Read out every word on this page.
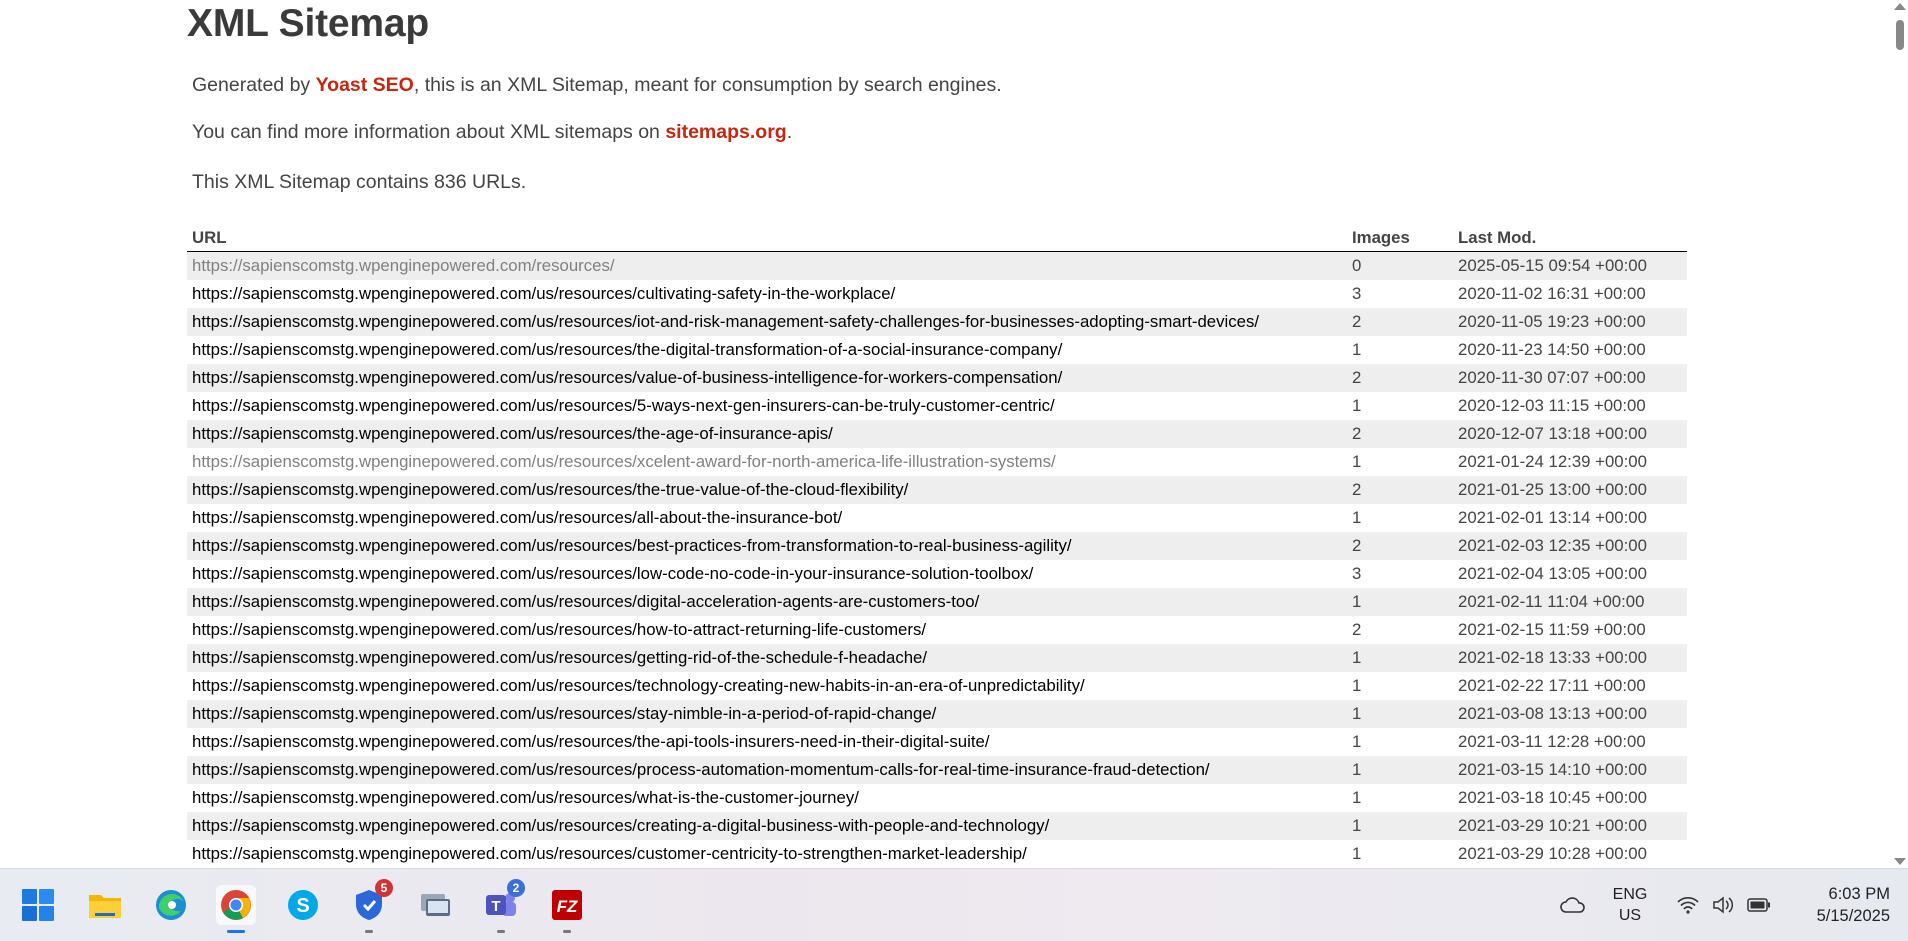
XML Sitemap

Generated by Yoast SEO, this is an XML Sitemap, meant for consumption by search engines.

You can find more information about XML sitemaps on sitemaps.org.

This XML Sitemap contains 836 URLs.

URL	Images	Last Mod.
https://sapienscomstg.wpenginepowered.com/resources/	0	2025-05-15 09:54 +00:00
https://sapienscomstg.wpenginepowered.com/us/resources/cultivating-safety-in-the-workplace/	3	2020-11-02 16:31 +00:00
https://sapienscomstg.wpenginepowered.com/us/resources/iot-and-risk-management-safety-challenges-for-businesses-adopting-smart-devices/	2	2020-11-05 19:23 +00:00
https://sapienscomstg.wpenginepowered.com/us/resources/the-digital-transformation-of-a-social-insurance-company/	1	2020-11-23 14:50 +00:00
https://sapienscomstg.wpenginepowered.com/us/resources/value-of-business-intelligence-for-workers-compensation/	2	2020-11-30 07:07 +00:00
https://sapienscomstg.wpenginepowered.com/us/resources/5-ways-next-gen-insurers-can-be-truly-customer-centric/	1	2020-12-03 11:15 +00:00
https://sapienscomstg.wpenginepowered.com/us/resources/the-age-of-insurance-apis/	2	2020-12-07 13:18 +00:00
https://sapienscomstg.wpenginepowered.com/us/resources/xcelent-award-for-north-america-life-illustration-systems/	1	2021-01-24 12:39 +00:00
https://sapienscomstg.wpenginepowered.com/us/resources/the-true-value-of-the-cloud-flexibility/	2	2021-01-25 13:00 +00:00
https://sapienscomstg.wpenginepowered.com/us/resources/all-about-the-insurance-bot/	1	2021-02-01 13:14 +00:00
https://sapienscomstg.wpenginepowered.com/us/resources/best-practices-from-transformation-to-real-business-agility/	2	2021-02-03 12:35 +00:00
https://sapienscomstg.wpenginepowered.com/us/resources/low-code-no-code-in-your-insurance-solution-toolbox/	3	2021-02-04 13:05 +00:00
https://sapienscomstg.wpenginepowered.com/us/resources/digital-acceleration-agents-are-customers-too/	1	2021-02-11 11:04 +00:00
https://sapienscomstg.wpenginepowered.com/us/resources/how-to-attract-returning-life-customers/	2	2021-02-15 11:59 +00:00
https://sapienscomstg.wpenginepowered.com/us/resources/getting-rid-of-the-schedule-f-headache/	1	2021-02-18 13:33 +00:00
https://sapienscomstg.wpenginepowered.com/us/resources/technology-creating-new-habits-in-an-era-of-unpredictability/	1	2021-02-22 17:11 +00:00
https://sapienscomstg.wpenginepowered.com/us/resources/stay-nimble-in-a-period-of-rapid-change/	1	2021-03-08 13:13 +00:00
https://sapienscomstg.wpenginepowered.com/us/resources/the-api-tools-insurers-need-in-their-digital-suite/	1	2021-03-11 12:28 +00:00
https://sapienscomstg.wpenginepowered.com/us/resources/process-automation-momentum-calls-for-real-time-insurance-fraud-detection/	1	2021-03-15 14:10 +00:00
https://sapienscomstg.wpenginepowered.com/us/resources/what-is-the-customer-journey/	1	2021-03-18 10:45 +00:00
https://sapienscomstg.wpenginepowered.com/us/resources/creating-a-digital-business-with-people-and-technology/	1	2021-03-29 10:21 +00:00
https://sapienscomstg.wpenginepowered.com/us/resources/customer-centricity-to-strengthen-market-leadership/	1	2021-03-29 10:28 +00:00
S
5
T
2
FZ
ENG
US
6:03 PM
5/15/2025
